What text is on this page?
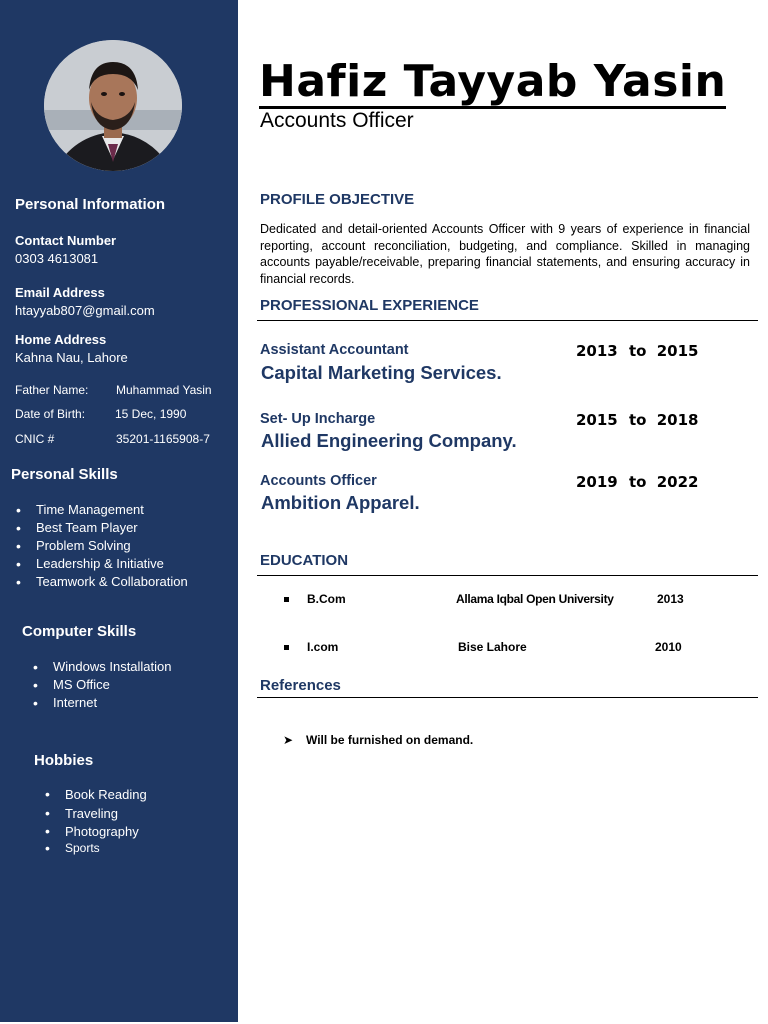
Personal Information
Contact Number
0303 4613081
Email Address
htayyab807@gmail.com
Home Address
Kahna Nau, Lahore
Father Name: Muhammad Yasin
Date of Birth: 15 Dec, 1990
CNIC #	35201-1165908-7
Personal Skills
• Time Management
• Best Team Player
• Problem Solving
• Leadership & Initiative
• Teamwork & Collaboration
Computer Skills
• Windows Installation
• MS Office
• Internet
Hobbies
• Book Reading
• Traveling
• Photography
• Sports
Hafiz Tayyab Yasin
Accounts Officer
PROFILE OBJECTIVE
Dedicated and detail-oriented Accounts Officer with 9 years of experience in financial reporting, account reconciliation, budgeting, and compliance. Skilled in managing accounts payable/receivable, preparing financial statements, and ensuring accuracy in financial records.
PROFESSIONAL EXPERIENCE
Assistant Accountant
Capital Marketing Services.
2013 to 2015
Set- Up Incharge
Allied Engineering Company.
2015 to 2018
Accounts Officer
Ambition Apparel.
2019 to 2022
EDUCATION
B.Com	Allama Iqbal Open University	2013
I.com	Bise Lahore	2010
References
➤ Will be furnished on demand.
